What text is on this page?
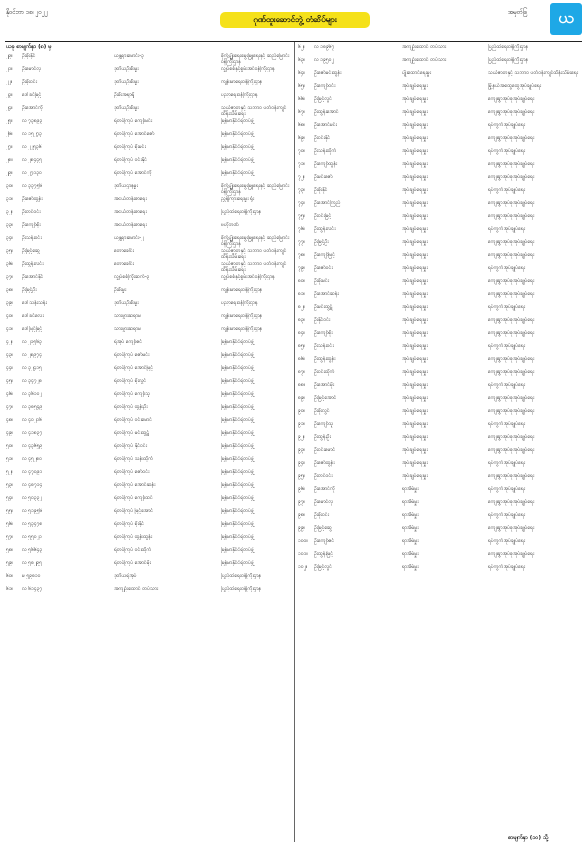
နိုဝင်ဘာ ၁၈၊ ၂၀၂၂
ဂုဏ်ထူးဆောင်ဘွဲ့ တံဆိပ်များ
အမှတ်ဖြ	ယ
ယခု စာမျက်နှာ (၈) မှ
၂၉။	ဦးစိုးနိုင်	ယန္တရားမောင်း-၃	စိုက်ပျိုးရေးမွေးမြူရေးနှင့် ဆည်မြောင်းဝန်ကြီးဌာန
၂၁။	ဦးမောင်လှ	ဒုတိယဦးစီးမှူး	လျှပ်စစ်နှင့်စွမ်းအင်ဝန်ကြီးဌာန
၂၂။	ဦးစိုးဝင်း	ဒုတိယဦးစီးမှူး	ကျန်းမာရေးဝန်ကြီးဌာန
၂၃။	ဒေါ်ခင်မြင့်	ဦးစီးအရာရှိ	ပညာရေးဝန်ကြီးဌာန
၂၄။	ဦးအောင်ကို	ဒုတိယဦးစီးမှူး	သယံဇာတနှင့် သဘာဝ ပတ်ဝန်းကျင်ထိန်းသိမ်းရေး
၂၅။	လ ၇၃၈၉၃	ရဲတပ်ကြပ် ကျော်မင်း	မြန်မာနိုင်ငံရဲတပ်ဖွဲ့
၂၆။	လ ၁၅၂၇၃	ရဲတပ်ကြပ် အောင်ဇော်	မြန်မာနိုင်ငံရဲတပ်ဖွဲ့
၂၇။	လ ၂၂၅၃၆	ရဲတပ်ကြပ် စိုးမင်း	မြန်မာနိုင်ငံရဲတပ်ဖွဲ့
၂၈။	လ ၂၈၄၄၅	ရဲတပ်ကြပ် ဝင်းနိုင်	မြန်မာနိုင်ငံရဲတပ်ဖွဲ့
၂၉။	လ ၂၇၁၃၀	ရဲတပ်ကြပ် အောင်ကို	မြန်မာနိုင်ငံရဲတပ်ဖွဲ့
၃၀။	လ ၃၃၇၅၆	ဒုတိယဌာနမှူး	စိုက်ပျိုးရေးမွေးမြူရေးနှင့် ဆည်မြောင်းဝန်ကြီးဌာန
၃၁။	ဦးဇော်ထွန်း	အငယ်တန်းစာရေး	ညွှန်ကြားရေးမှူး ရုံး
၃၂။	ဦးတင်ဝင်း	အငယ်တန်းစာရေး	ပြည်ထဲရေးဝန်ကြီးဌာန
၃၃။	ဦးကျော်စိုး	အငယ်တန်းစာရေး	ဗဟိုဘဏ်
၃၄။	ဦးသန်းဝင်း	ယန္တရားမောင်း-၂	စိုက်ပျိုးရေးမွေးမြူရေးနှင့် ဆည်မြောင်းဝန်ကြီးဌာန
၃၅။	ဦးမြင့်ဆွေ	တောခေါင်း	သယံဇာတနှင့် သဘာဝ ပတ်ဝန်းကျင်ထိန်းသိမ်းရေး
၃၆။	ဦးထွန်းလင်း	တောခေါင်း	သယံဇာတနှင့် သဘာဝ ပတ်ဝန်းကျင်ထိန်းသိမ်းရေး
၃၇။	ဦးအောင်နိုင်	လျှပ်စစ်ကြိုးဆက်-၃	လျှပ်စစ်နှင့်စွမ်းအင်ဝန်ကြီးဌာန
၃၈။	ဦးမြင့်ဦး	ဦးစီးမှူး	ကျန်းမာရေးဝန်ကြီးဌာန
၃၉။	ဒေါ်သန်းသန်း	ဒုတိယဦးစီးမှူး	ပညာရေးဝန်ကြီးဌာန
၄၀။	ဒေါ်ခင်လေး	သားဖွားဆရာမ	ကျန်းမာရေးဝန်ကြီးဌာန
၄၁။	ဒေါ်မြင့်မြင့်	သားဖွားဆရာမ	ကျန်းမာရေးဝန်ကြီးဌာန
၄၂။	လ ၂၁၅၆၃	ရဲအုပ် ကျော်ဇင်	မြန်မာနိုင်ငံရဲတပ်ဖွဲ့
၄၃။	လ ၂၈၉၇၄	ရဲတပ်ကြပ် ဇော်မင်း	မြန်မာနိုင်ငံရဲတပ်ဖွဲ့
၄၄။	လ ၃၂၄၁၅	ရဲတပ်ကြပ် အောင်မြင့်	မြန်မာနိုင်ငံရဲတပ်ဖွဲ့
၄၅။	လ ၃၄၇၂၈	ရဲတပ်ကြပ် စိုးလွင်	မြန်မာနိုင်ငံရဲတပ်ဖွဲ့
၄၆။	လ ၃၆၁၀၂	ရဲတပ်ကြပ် ကျော်သူ	မြန်မာနိုင်ငံရဲတပ်ဖွဲ့
၄၇။	လ ၃၈၅၄၉	ရဲတပ်ကြပ် ထွန်းဦး	မြန်မာနိုင်ငံရဲတပ်ဖွဲ့
၄၈။	လ ၄၀၂၁၆	ရဲတပ်ကြပ် ဝင်းမောင်	မြန်မာနိုင်ငံရဲတပ်ဖွဲ့
၄၉။	လ ၄၁၈၃၇	ရဲတပ်ကြပ် မင်းထွဋ်	မြန်မာနိုင်ငံရဲတပ်ဖွဲ့
၅၀။	လ ၄၃၆၅၉	ရဲတပ်ကြပ် နိုင်ဝင်း	မြန်မာနိုင်ငံရဲတပ်ဖွဲ့
၅၁။	လ ၄၅၂၈၀	ရဲတပ်ကြပ် သန်းထိုက်	မြန်မာနိုင်ငံရဲတပ်ဖွဲ့
၅၂။	လ ၄၇၀၉၁	ရဲတပ်ကြပ် ဇော်ဝင်း	မြန်မာနိုင်ငံရဲတပ်ဖွဲ့
၅၃။	လ ၄၈၇၁၄	ရဲတပ်ကြပ် အောင်ဆန်း	မြန်မာနိုင်ငံရဲတပ်ဖွဲ့
၅၄။	လ ၅၀၃၃၂	ရဲတပ်ကြပ် ကျော်ထင်	မြန်မာနိုင်ငံရဲတပ်ဖွဲ့
၅၅။	လ ၅၁၉၅၆	ရဲတပ်ကြပ် မြင့်အောင်	မြန်မာနိုင်ငံရဲတပ်ဖွဲ့
၅၆။	လ ၅၃၄၇၈	ရဲတပ်ကြပ် စိုးနိုင်	မြန်မာနိုင်ငံရဲတပ်ဖွဲ့
၅၇။	လ ၅၅၀၂၁	ရဲတပ်ကြပ် ထွန်းထွန်း	မြန်မာနိုင်ငံရဲတပ်ဖွဲ့
၅၈။	လ ၅၆၆၄၃	ရဲတပ်ကြပ် ဝင်းထိုက်	မြန်မာနိုင်ငံရဲတပ်ဖွဲ့
၅၉။	လ ၅၈၂၉၅	ရဲတပ်ကြပ် အောင်မိုး	မြန်မာနိုင်ငံရဲတပ်ဖွဲ့
၆၀။	မ ၅၉၈၁၀	ဒုတိယရဲအုပ်	ပြည်ထဲရေးဝန်ကြီးဌာန
၆၁။	လ ၆၁၄၃၇	အကျဉ်းထောင် တပ်သား	ပြည်ထဲရေးဝန်ကြီးဌာန
၆၂။	လ ၁၈၉၆၇	အကျဉ်းထောင် တပ်သား	ပြည်ထဲရေးဝန်ကြီးဌာန
၆၃။	လ ၁၉၅၀၂	အကျဉ်းထောင် တပ်သား	ပြည်ထဲရေးဝန်ကြီးဌာန
၆၄။	ဦးဇော်မင်းထွန်း	ပျိုးထောင်ရေးမှူး	သယံဇာတနှင့် သဘာဝ ပတ်ဝန်းကျင်ထိန်းသိမ်းရေး
၆၅။	ဦးကျော်ဝင်း	အုပ်ချုပ်ရေးမှူး	မြို့နယ်အထွေထွေအုပ်ချုပ်ရေး
၆၆။	ဦးမြင့်လွင်	အုပ်ချုပ်ရေးမှူး	ကျေးရွာအုပ်စုအုပ်ချုပ်ရေး
၆၇။	ဦးထွန်းအောင်	အုပ်ချုပ်ရေးမှူး	ကျေးရွာအုပ်စုအုပ်ချုပ်ရေး
၆၈။	ဦးအောင်မင်း	အုပ်ချုပ်ရေးမှူး	ရပ်ကွက်အုပ်ချုပ်ရေး
၆၉။	ဦးဝင်းနိုင်	အုပ်ချုပ်ရေးမှူး	ကျေးရွာအုပ်စုအုပ်ချုပ်ရေး
၇၀။	ဦးသန်းထိုက်	အုပ်ချုပ်ရေးမှူး	ရပ်ကွက်အုပ်ချုပ်ရေး
၇၁။	ဦးကျော်ထွန်း	အုပ်ချုပ်ရေးမှူး	ကျေးရွာအုပ်စုအုပ်ချုပ်ရေး
၇၂။	ဦးမင်းဇော်	အုပ်ချုပ်ရေးမှူး	ကျေးရွာအုပ်စုအုပ်ချုပ်ရေး
၇၃။	ဦးစိုးနိုင်	အုပ်ချုပ်ရေးမှူး	ရပ်ကွက်အုပ်ချုပ်ရေး
၇၄။	ဦးအောင်ကြည်	အုပ်ချုပ်ရေးမှူး	ကျေးရွာအုပ်စုအုပ်ချုပ်ရေး
၇၅။	ဦးဝင်းမြင့်	အုပ်ချုပ်ရေးမှူး	ကျေးရွာအုပ်စုအုပ်ချုပ်ရေး
၇၆။	ဦးထွန်းလင်း	အုပ်ချုပ်ရေးမှူး	ရပ်ကွက်အုပ်ချုပ်ရေး
၇၇။	ဦးမြင့်ဦး	အုပ်ချုပ်ရေးမှူး	ကျေးရွာအုပ်စုအုပ်ချုပ်ရေး
၇၈။	ဦးကျော်မြင့်	အုပ်ချုပ်ရေးမှူး	ကျေးရွာအုပ်စုအုပ်ချုပ်ရေး
၇၉။	ဦးဇော်ဝင်း	အုပ်ချုပ်ရေးမှူး	ရပ်ကွက်အုပ်ချုပ်ရေး
၈၀။	ဦးစိုးမင်း	အုပ်ချုပ်ရေးမှူး	ကျေးရွာအုပ်စုအုပ်ချုပ်ရေး
၈၁။	ဦးအောင်ဆန်း	အုပ်ချုပ်ရေးမှူး	ကျေးရွာအုပ်စုအုပ်ချုပ်ရေး
၈၂။	ဦးမင်းထွဋ်	အုပ်ချုပ်ရေးမှူး	ရပ်ကွက်အုပ်ချုပ်ရေး
၈၃။	ဦးနိုင်ဝင်း	အုပ်ချုပ်ရေးမှူး	ကျေးရွာအုပ်စုအုပ်ချုပ်ရေး
၈၄။	ဦးကျော်စိုး	အုပ်ချုပ်ရေးမှူး	ကျေးရွာအုပ်စုအုပ်ချုပ်ရေး
၈၅။	ဦးသန်းဝင်း	အုပ်ချုပ်ရေးမှူး	ရပ်ကွက်အုပ်ချုပ်ရေး
၈၆။	ဦးထွန်းထွန်း	အုပ်ချုပ်ရေးမှူး	ကျေးရွာအုပ်စုအုပ်ချုပ်ရေး
၈၇။	ဦးဝင်းထိုက်	အုပ်ချုပ်ရေးမှူး	ကျေးရွာအုပ်စုအုပ်ချုပ်ရေး
၈၈။	ဦးအောင်မိုး	အုပ်ချုပ်ရေးမှူး	ရပ်ကွက်အုပ်ချုပ်ရေး
၈၉။	ဦးမြင့်အောင်	အုပ်ချုပ်ရေးမှူး	ကျေးရွာအုပ်စုအုပ်ချုပ်ရေး
၉၀။	ဦးစိုးလွင်	အုပ်ချုပ်ရေးမှူး	ကျေးရွာအုပ်စုအုပ်ချုပ်ရေး
၉၁။	ဦးကျော်သူ	အုပ်ချုပ်ရေးမှူး	ရပ်ကွက်အုပ်ချုပ်ရေး
၉၂။	ဦးထွန်းဦး	အုပ်ချုပ်ရေးမှူး	ကျေးရွာအုပ်စုအုပ်ချုပ်ရေး
၉၃။	ဦးဝင်းမောင်	အုပ်ချုပ်ရေးမှူး	ကျေးရွာအုပ်စုအုပ်ချုပ်ရေး
၉၄။	ဦးဇော်ထွန်း	အုပ်ချုပ်ရေးမှူး	ရပ်ကွက်အုပ်ချုပ်ရေး
၉၅။	ဦးတင်ဝင်း	အုပ်ချုပ်ရေးမှူး	ကျေးရွာအုပ်စုအုပ်ချုပ်ရေး
၉၆။	ဦးအောင်ကို	ရာအိမ်မှူး	ရပ်ကွက်အုပ်ချုပ်ရေး
၉၇။	ဦးမောင်လှ	ရာအိမ်မှူး	ကျေးရွာအုပ်စုအုပ်ချုပ်ရေး
၉၈။	ဦးစိုးဝင်း	ရာအိမ်မှူး	ရပ်ကွက်အုပ်ချုပ်ရေး
၉၉။	ဦးမြင့်ဆွေ	ရာအိမ်မှူး	ကျေးရွာအုပ်စုအုပ်ချုပ်ရေး
၁၀၀။	ဦးကျော်ဇင်	ရာအိမ်မှူး	ရပ်ကွက်အုပ်ချုပ်ရေး
၁၀၁။	ဦးထွန်းမြင့်	ရာအိမ်မှူး	ကျေးရွာအုပ်စုအုပ်ချုပ်ရေး
၁၀၂။	ဦးမြင့်လွင်	ရာအိမ်မှူး	ရပ်ကွက်အုပ်ချုပ်ရေး
စာမျက်နှာ (၁၀) သို့
